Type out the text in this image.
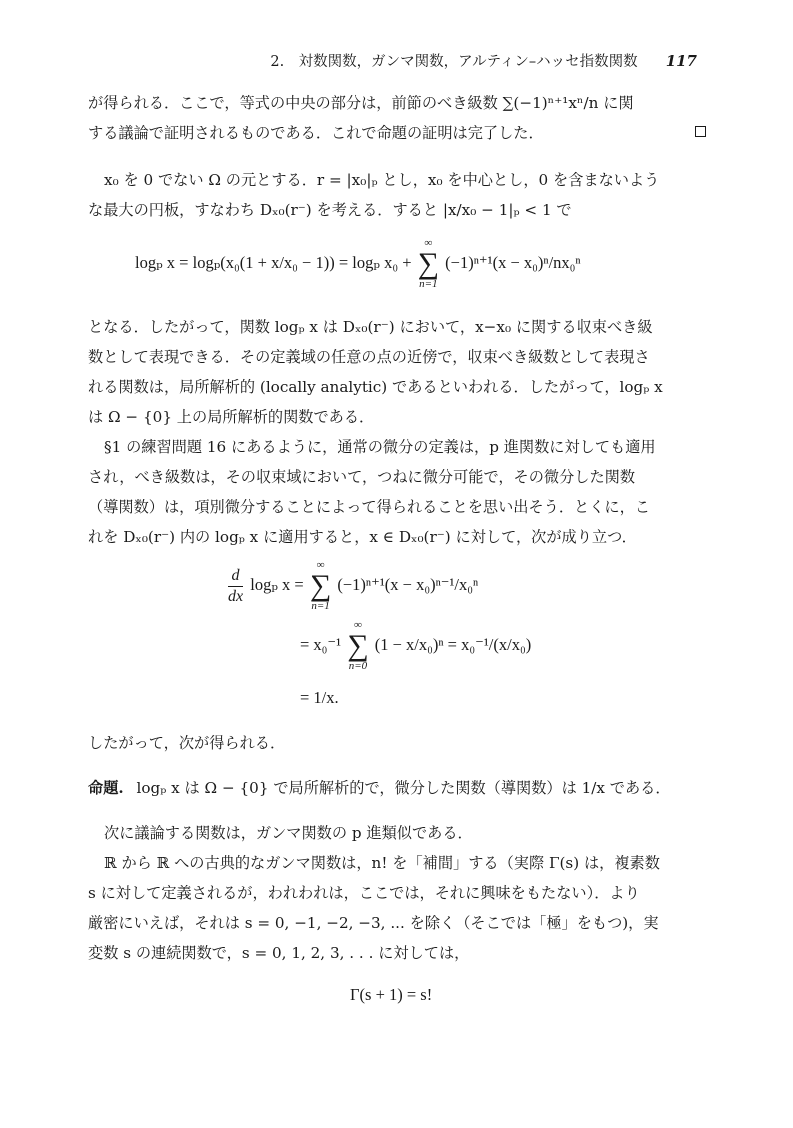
2.　対数関数，ガンマ関数，アルティン–ハッセ指数関数 117
が得られる．ここで，等式の中央の部分は，前節のべき級数 ∑(−1)ⁿ⁺¹xⁿ/n に関
する議論で証明されるものである．これで命題の証明は完了した．
x₀ を 0 でない Ω の元とする．r = |x₀|ₚ とし，x₀ を中心とし，0 を含まないよう
な最大の円板，すなわち Dₓ₀(r⁻) を考える．すると |x/x₀ − 1|ₚ < 1 で
logₚ x = logₚ(x₀(1 + x/x₀ − 1)) = logₚ x₀ +
∞
∑
n=1
(−1)ⁿ⁺¹(x − x₀)ⁿ/nx₀ⁿ
となる．したがって，関数 logₚ x は Dₓ₀(r⁻) において，x−x₀ に関する収束べき級
数として表現できる．その定義域の任意の点の近傍で，収束べき級数として表現さ
れる関数は，局所解析的 (locally analytic) であるといわれる．したがって，logₚ x
は Ω − {0} 上の局所解析的関数である．
§1 の練習問題 16 にあるように，通常の微分の定義は，p 進関数に対しても適用
され，べき級数は，その収束域において，つねに微分可能で，その微分した関数
（導関数）は，項別微分することによって得られることを思い出そう．とくに，こ
れを Dₓ₀(r⁻) 内の logₚ x に適用すると，x ∈ Dₓ₀(r⁻) に対して，次が成り立つ．
$\frac{d}{dx}$ logₚ x =
∞
∑
n=1
(−1)ⁿ⁺¹(x − x₀)ⁿ⁻¹/x₀ⁿ
= x₀⁻¹
∞
∑
n=0
(1 − x/x₀)ⁿ = x₀⁻¹/(x/x₀)
= 1/x.
したがって，次が得られる．
命題. logₚ x は Ω − {0} で局所解析的で，微分した関数（導関数）は 1/x である．
次に議論する関数は，ガンマ関数の p 進類似である．
ℝ から ℝ への古典的なガンマ関数は，n! を「補間」する（実際 Γ(s) は，複素数
s に対して定義されるが，われわれは，ここでは，それに興味をもたない）．より
厳密にいえば，それは s = 0, −1, −2, −3, ... を除く（そこでは「極」をもつ)，実
変数 s の連続関数で，s = 0, 1, 2, 3, . . . に対しては，
Γ(s + 1) = s!
